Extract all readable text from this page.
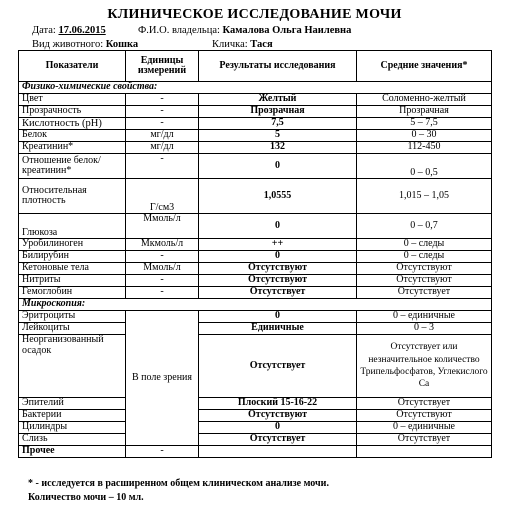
КЛИНИЧЕСКОЕ ИССЛЕДОВАНИЕ МОЧИ
Дата: 17.06.2015	Ф.И.О. владельца: Камалова Ольга Наилевна
Вид животного: Кошка	Кличка: Тася
Показатели	Единицы измерений	Результаты исследования	Средние значения*
Физико-химические свойства:			
Цвет	-	Желтый	Соломенно-желтый
Прозрачность	-	Прозрачная	Прозрачная
Кислотность (рН)	-	7,5	5 – 7,5
Белок	мг/дл	5	0 – 30
Креатинин*	мг/дл	132	112-450
Отношение белок/креатинин*	-	0	0 – 0,5
Относительная плотность	Г/см3	1,0555	1,015 – 1,05
Глюкоза	Ммоль/л	0	0 – 0,7
Уробилиноген	Мкмоль/л	++	0 – следы
Билирубин	-	0	0 – следы
Кетоновые тела	Ммоль/л	Отсутствуют	Отсутствуют
Нитриты	-	Отсутствуют	Отсутствуют
Гемоглобин	-	Отсутствует	Отсутствует
Микроскопия:			
Эритроциты	В поле зрения	0	0 – единичные
Лейкоциты		Единичные	0 – 3
Неорганизованный осадок		Отсутствует	Отсутствует или незначительное количество Трипельфосфатов, Углекислого Са
Эпителий		Плоский 15-16-22	Отсутствует
Бактерии		Отсутствуют	Отсутствуют
Цилиндры		0	0 – единичные
Слизь		Отсутствует	Отсутствует
Прочее	-		
* - исследуется в расширенном общем клиническом анализе мочи.
Количество мочи – 10 мл.
